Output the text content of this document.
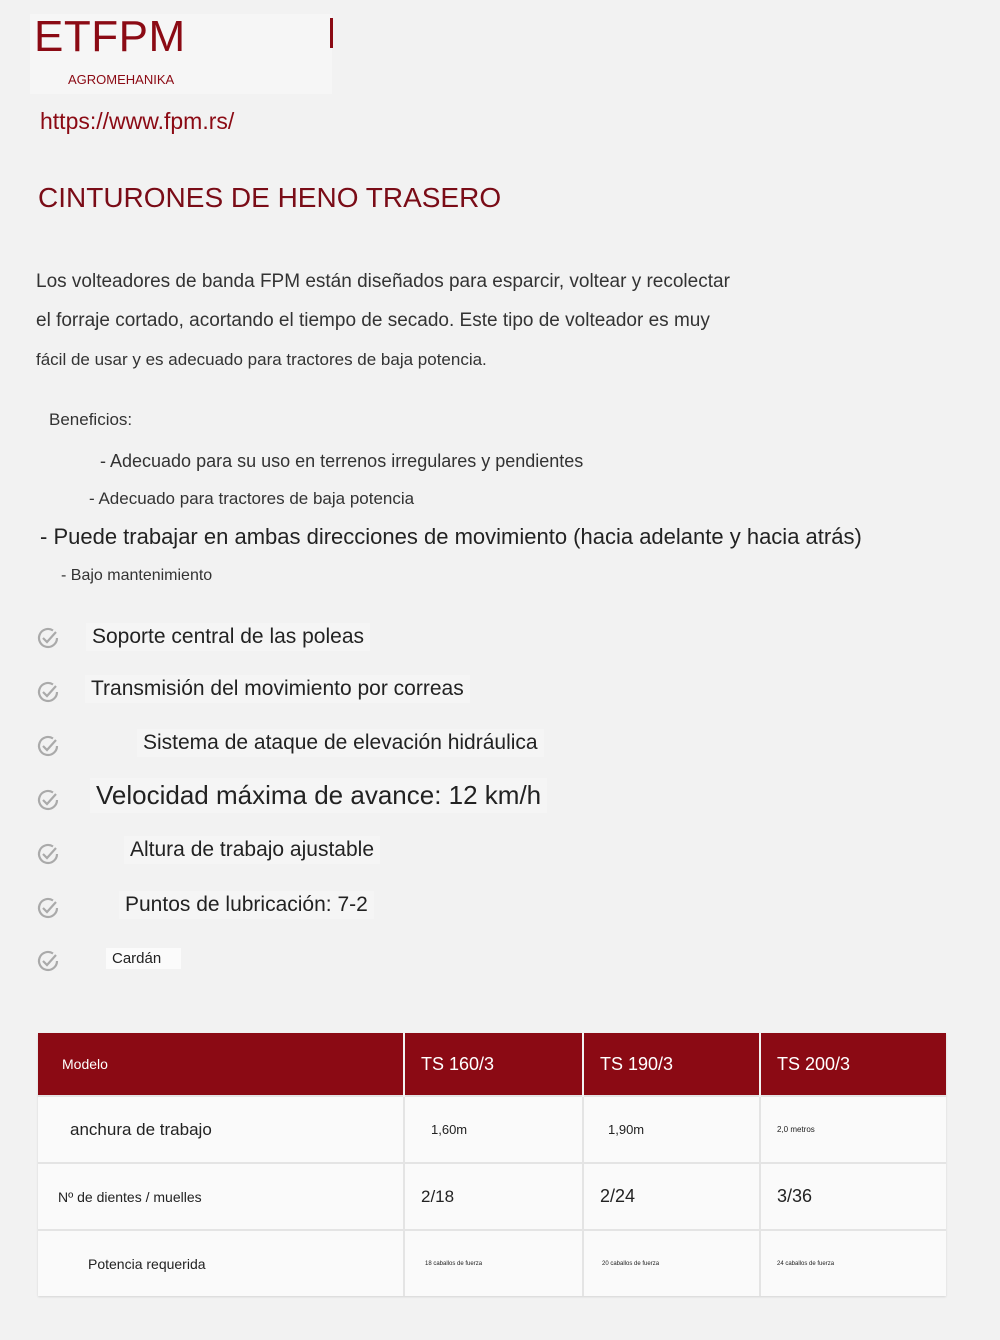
ETFPM
AGROMEHANIKA
https://www.fpm.rs/
CINTURONES DE HENO TRASERO
Los volteadores de banda FPM están diseñados para esparcir, voltear y recolectar
el forraje cortado, acortando el tiempo de secado. Este tipo de volteador es muy
fácil de usar y es adecuado para tractores de baja potencia.
Beneficios:
- Adecuado para su uso en terrenos irregulares y pendientes
- Adecuado para tractores de baja potencia
- Puede trabajar en ambas direcciones de movimiento (hacia adelante y hacia atrás)
- Bajo mantenimiento
Soporte central de las poleas
Transmisión del movimiento por correas
Sistema de ataque de elevación hidráulica
Velocidad máxima de avance: 12 km/h
Altura de trabajo ajustable
Puntos de lubricación: 7-2
Cardán
Modelo	TS 160/3	TS 190/3	TS 200/3
anchura de trabajo	1,60m	1,90m	2,0 metros
Nº de dientes / muelles	2/18	2/24	3/36
Potencia requerida	18 caballos de fuerza	20 caballos de fuerza	24 caballos de fuerza
